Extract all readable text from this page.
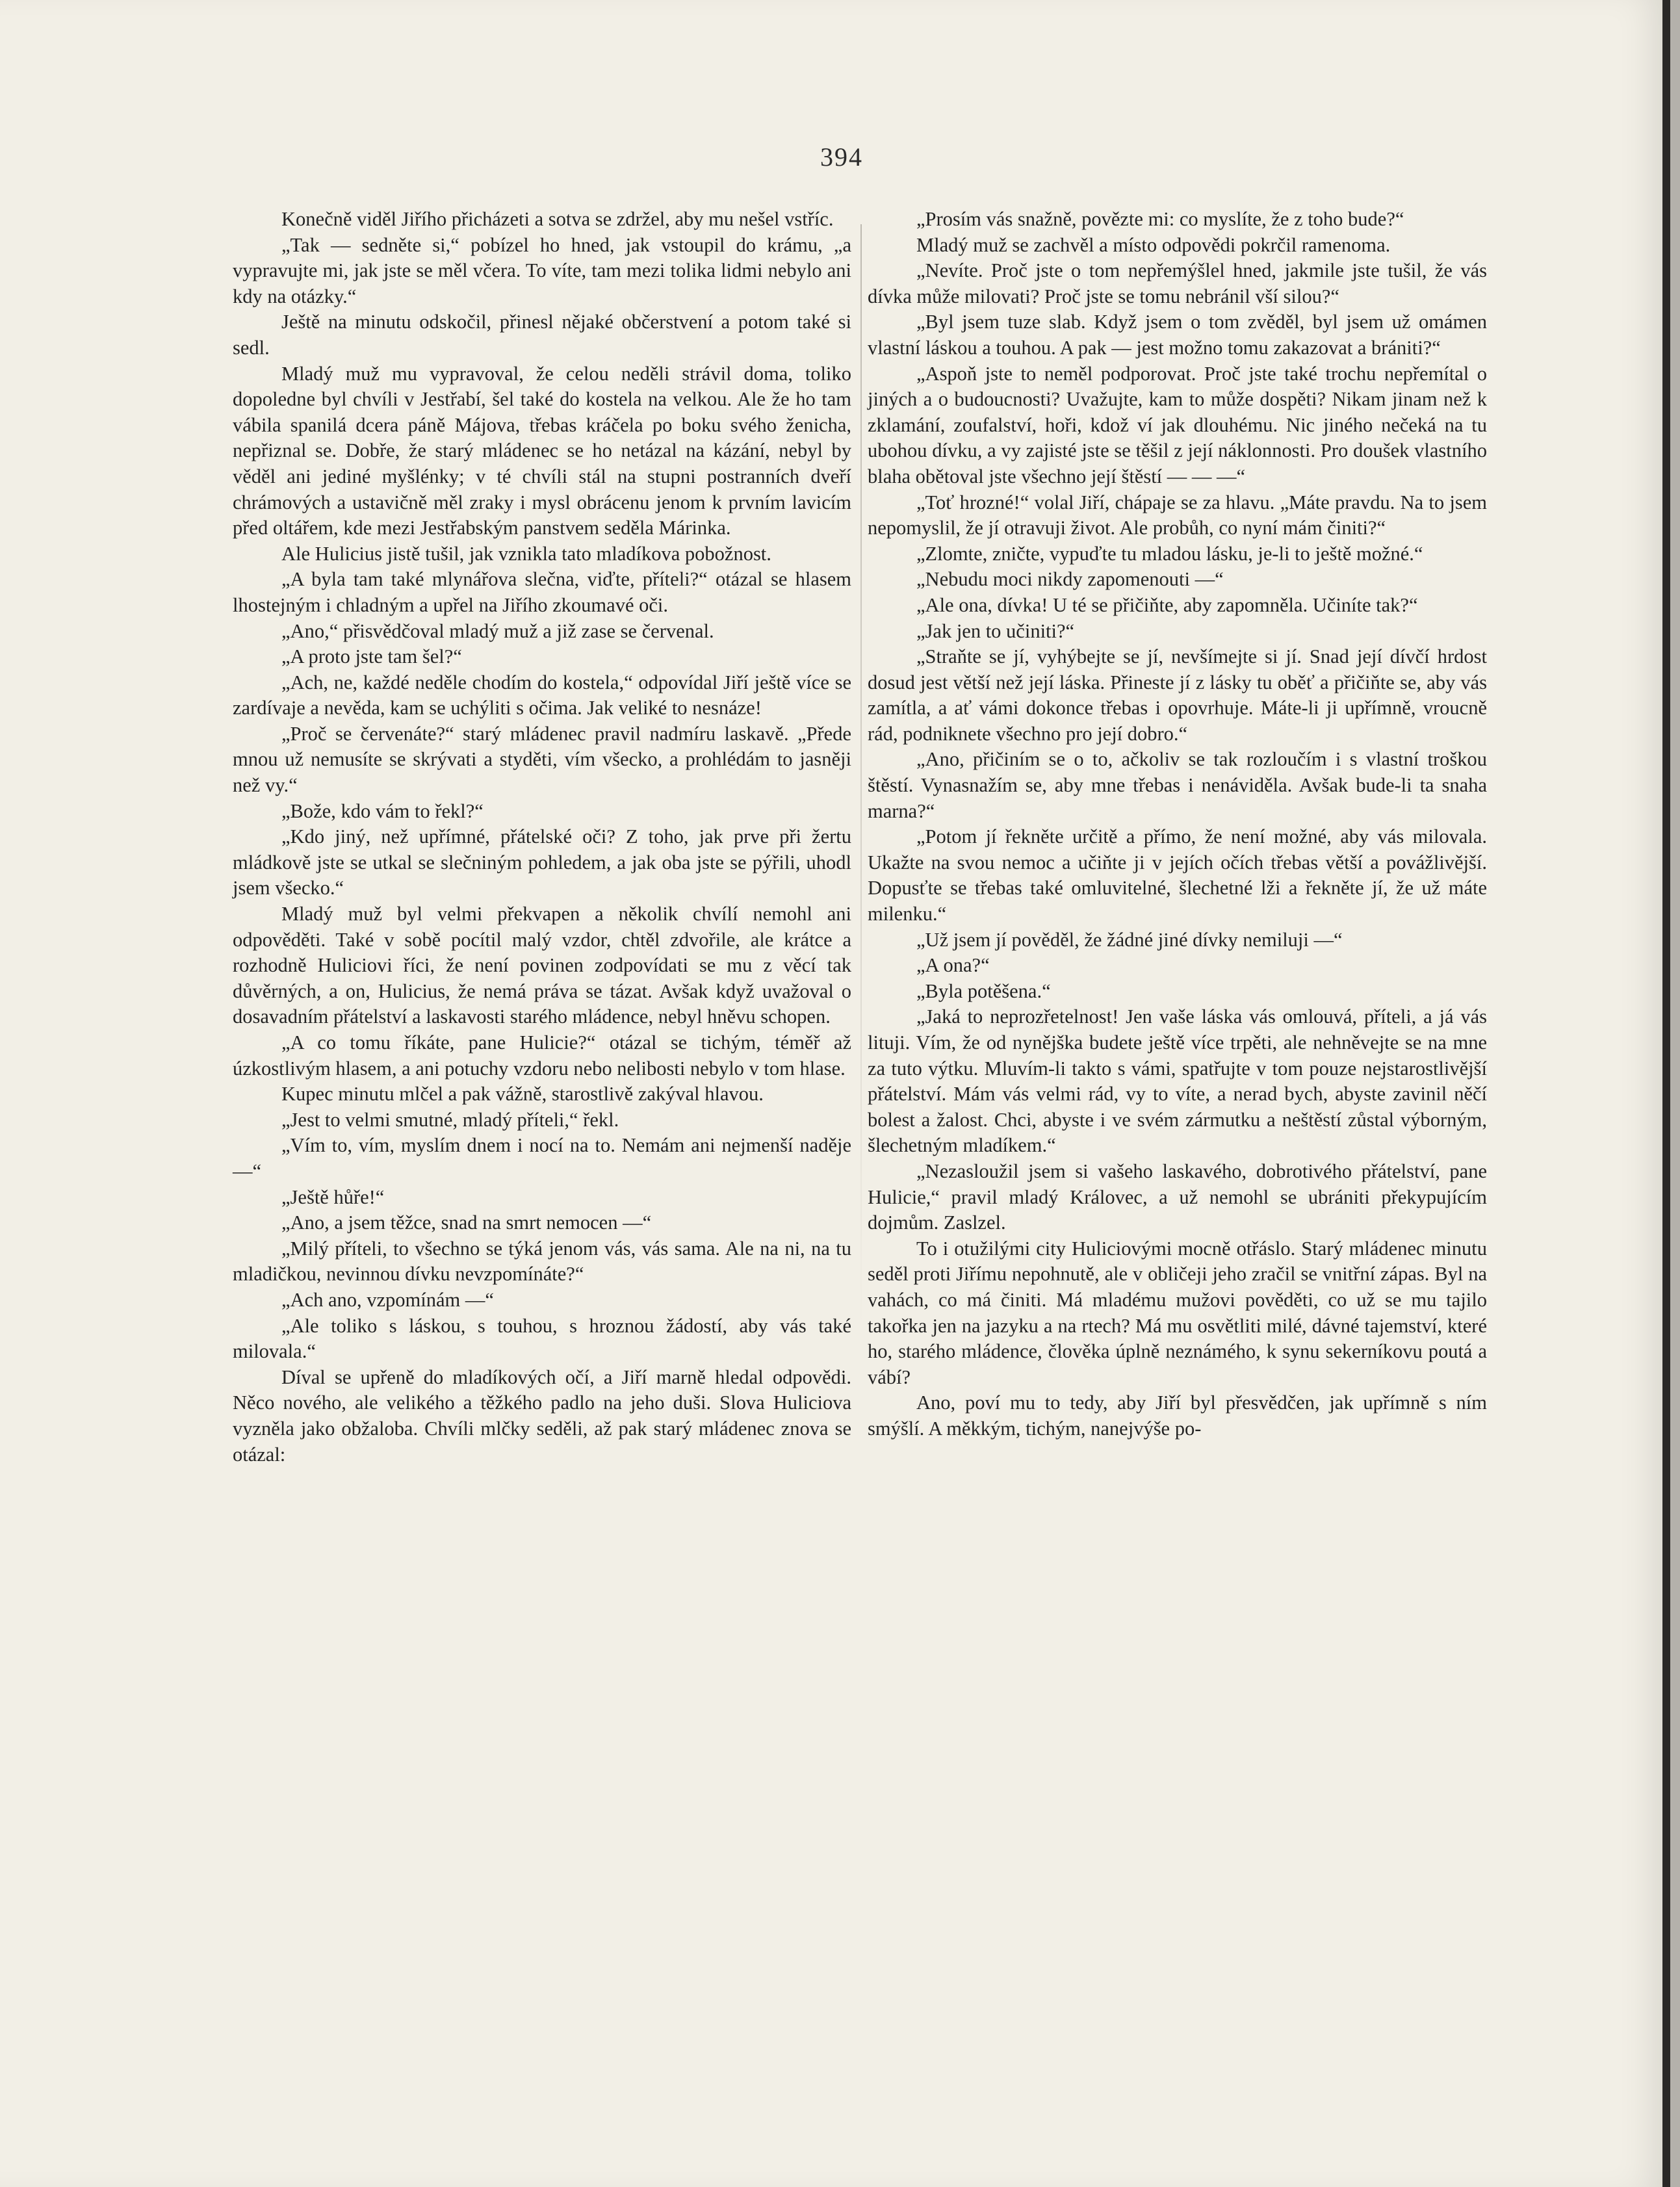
394

Konečně viděl Jiřího přicházeti a sotva se zdržel, aby mu nešel vstříc.

„Tak — sedněte si,“ pobízel ho hned, jak vstoupil do krámu, „a vypravujte mi, jak jste se měl včera. To víte, tam mezi tolika lidmi nebylo ani kdy na otázky.“

Ještě na minutu odskočil, přinesl nějaké občerstvení a potom také si sedl.

Mladý muž mu vypravoval, že celou neděli strávil doma, toliko dopoledne byl chvíli v Jestřabí, šel také do kostela na velkou. Ale že ho tam vábila spanilá dcera páně Májova, třebas kráčela po boku svého ženicha, nepřiznal se. Dobře, že starý mládenec se ho netázal na kázání, nebyl by věděl ani jediné myšlénky; v té chvíli stál na stupni postranních dveří chrámových a ustavičně měl zraky i mysl obrácenu jenom k prvním lavicím před oltářem, kde mezi Jestřabským panstvem seděla Márinka.

Ale Hulicius jistě tušil, jak vznikla tato mladíkova pobožnost.

„A byla tam také mlynářova slečna, viďte, příteli?“ otázal se hlasem lhostejným i chladným a upřel na Jiřího zkoumavé oči.

„Ano,“ přisvědčoval mladý muž a již zase se červenal.

„A proto jste tam šel?“

„Ach, ne, každé neděle chodím do kostela,“ odpovídal Jiří ještě více se zardívaje a nevěda, kam se uchýliti s očima. Jak veliké to nesnáze!

„Proč se červenáte?“ starý mládenec pravil nadmíru laskavě. „Přede mnou už nemusíte se skrývati a styděti, vím všecko, a prohlédám to jasněji než vy.“

„Bože, kdo vám to řekl?“

„Kdo jiný, než upřímné, přátelské oči? Z toho, jak prve při žertu mládkově jste se utkal se slečniným pohledem, a jak oba jste se pýřili, uhodl jsem všecko.“

Mladý muž byl velmi překvapen a několik chvílí nemohl ani odpověděti. Také v sobě pocítil malý vzdor, chtěl zdvořile, ale krátce a rozhodně Huliciovi říci, že není povinen zodpovídati se mu z věcí tak důvěrných, a on, Hulicius, že nemá práva se tázat. Avšak když uvažoval o dosavadním přátelství a laskavosti starého mládence, nebyl hněvu schopen.

„A co tomu říkáte, pane Hulicie?“ otázal se tichým, téměř až úzkostlivým hlasem, a ani potuchy vzdoru nebo nelibosti nebylo v tom hlase.

Kupec minutu mlčel a pak vážně, starostlivě zakýval hlavou.

„Jest to velmi smutné, mladý příteli,“ řekl.

„Vím to, vím, myslím dnem i nocí na to. Nemám ani nejmenší naděje —“

„Ještě hůře!“

„Ano, a jsem těžce, snad na smrt nemocen —“

„Milý příteli, to všechno se týká jenom vás, vás sama. Ale na ni, na tu mladičkou, nevinnou dívku nevzpomínáte?“

„Ach ano, vzpomínám —“

„Ale toliko s láskou, s touhou, s hroznou žádostí, aby vás také milovala.“

Díval se upřeně do mladíkových očí, a Jiří marně hledal odpovědi. Něco nového, ale velikého a těžkého padlo na jeho duši. Slova Huliciova vyzněla jako obžaloba. Chvíli mlčky seděli, až pak starý mládenec znova se otázal:

„Prosím vás snažně, povězte mi: co myslíte, že z toho bude?“

Mladý muž se zachvěl a místo odpovědi pokrčil ramenoma.

„Nevíte. Proč jste o tom nepřemýšlel hned, jakmile jste tušil, že vás dívka může milovati? Proč jste se tomu nebránil vší silou?“

„Byl jsem tuze slab. Když jsem o tom zvěděl, byl jsem už omámen vlastní láskou a touhou. A pak — jest možno tomu zakazovat a brániti?“

„Aspoň jste to neměl podporovat. Proč jste také trochu nepřemítal o jiných a o budoucnosti? Uvažujte, kam to může dospěti? Nikam jinam než k zklamání, zoufalství, hoři, kdož ví jak dlouhému. Nic jiného nečeká na tu ubohou dívku, a vy zajisté jste se těšil z její náklonnosti. Pro doušek vlastního blaha obětoval jste všechno její štěstí — — —“

„Toť hrozné!“ volal Jiří, chápaje se za hlavu. „Máte pravdu. Na to jsem nepomyslil, že jí otravuji život. Ale probůh, co nyní mám činiti?“

„Zlomte, zničte, vypuďte tu mladou lásku, je-li to ještě možné.“

„Nebudu moci nikdy zapomenouti —“

„Ale ona, dívka! U té se přičiňte, aby zapomněla. Učiníte tak?“

„Jak jen to učiniti?“

„Straňte se jí, vyhýbejte se jí, nevšímejte si jí. Snad její dívčí hrdost dosud jest větší než její láska. Přineste jí z lásky tu oběť a přičiňte se, aby vás zamítla, a ať vámi dokonce třebas i opovrhuje. Máte-li ji upřímně, vroucně rád, podniknete všechno pro její dobro.“

„Ano, přičiním se o to, ačkoliv se tak rozloučím i s vlastní troškou štěstí. Vynasnažím se, aby mne třebas i nenáviděla. Avšak bude-li ta snaha marna?“

„Potom jí řekněte určitě a přímo, že není možné, aby vás milovala. Ukažte na svou nemoc a učiňte ji v jejích očích třebas větší a povážlivější. Dopusťte se třebas také omluvitelné, šlechetné lži a řekněte jí, že už máte milenku.“

„Už jsem jí pověděl, že žádné jiné dívky nemiluji —“

„A ona?“

„Byla potěšena.“

„Jaká to neprozřetelnost! Jen vaše láska vás omlouvá, příteli, a já vás lituji. Vím, že od nynějška budete ještě více trpěti, ale nehněvejte se na mne za tuto výtku. Mluvím-li takto s vámi, spatřujte v tom pouze nejstarostlivější přátelství. Mám vás velmi rád, vy to víte, a nerad bych, abyste zavinil něčí bolest a žalost. Chci, abyste i ve svém zármutku a neštěstí zůstal výborným, šlechetným mladíkem.“

„Nezasloužil jsem si vašeho laskavého, dobrotivého přátelství, pane Hulicie,“ pravil mladý Královec, a už nemohl se ubrániti překypujícím dojmům. Zaslzel.

To i otužilými city Huliciovými mocně otřáslo. Starý mládenec minutu seděl proti Jiřímu nepohnutě, ale v obličeji jeho zračil se vnitřní zápas. Byl na vahách, co má činiti. Má mladému mužovi pověděti, co už se mu tajilo takořka jen na jazyku a na rtech? Má mu osvětliti milé, dávné tajemství, které ho, starého mládence, člověka úplně neznámého, k synu sekerníkovu poutá a vábí?

Ano, poví mu to tedy, aby Jiří byl přesvědčen, jak upřímně s ním smýšlí. A měkkým, tichým, nanejvýše po-
